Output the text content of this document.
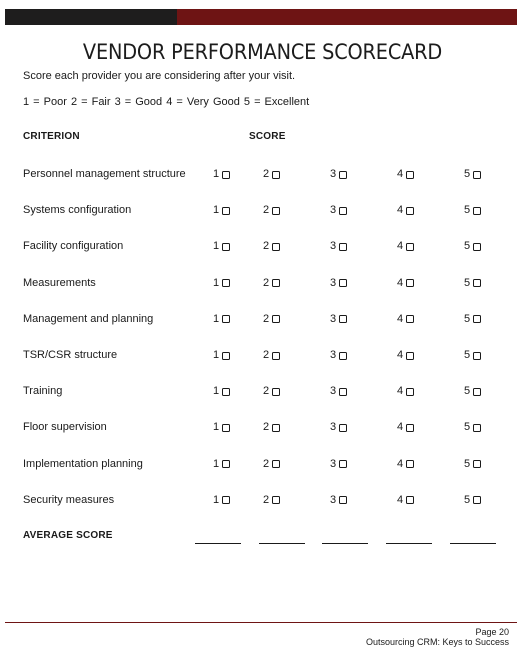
VENDOR PERFORMANCE SCORECARD
Score each provider you are considering after your visit.
1 = Poor 2 = Fair 3 = Good 4 = Very Good 5 = Excellent
CRITERION	SCORE
Personnel management structure 1	2	3	4	5
Systems configuration	1	2	3	4	5
Facility configuration	1	2	3	4	5
Measurements	1	2	3	4	5
Management and planning	1	2	3	4	5
TSR/CSR structure	1	2	3	4	5
Training	1	2	3	4	5
Floor supervision	1	2	3	4	5
Implementation planning	1	2	3	4	5
Security measures	1	2	3	4	5
AVERAGE SCORE
Page 20
Outsourcing CRM: Keys to Success
